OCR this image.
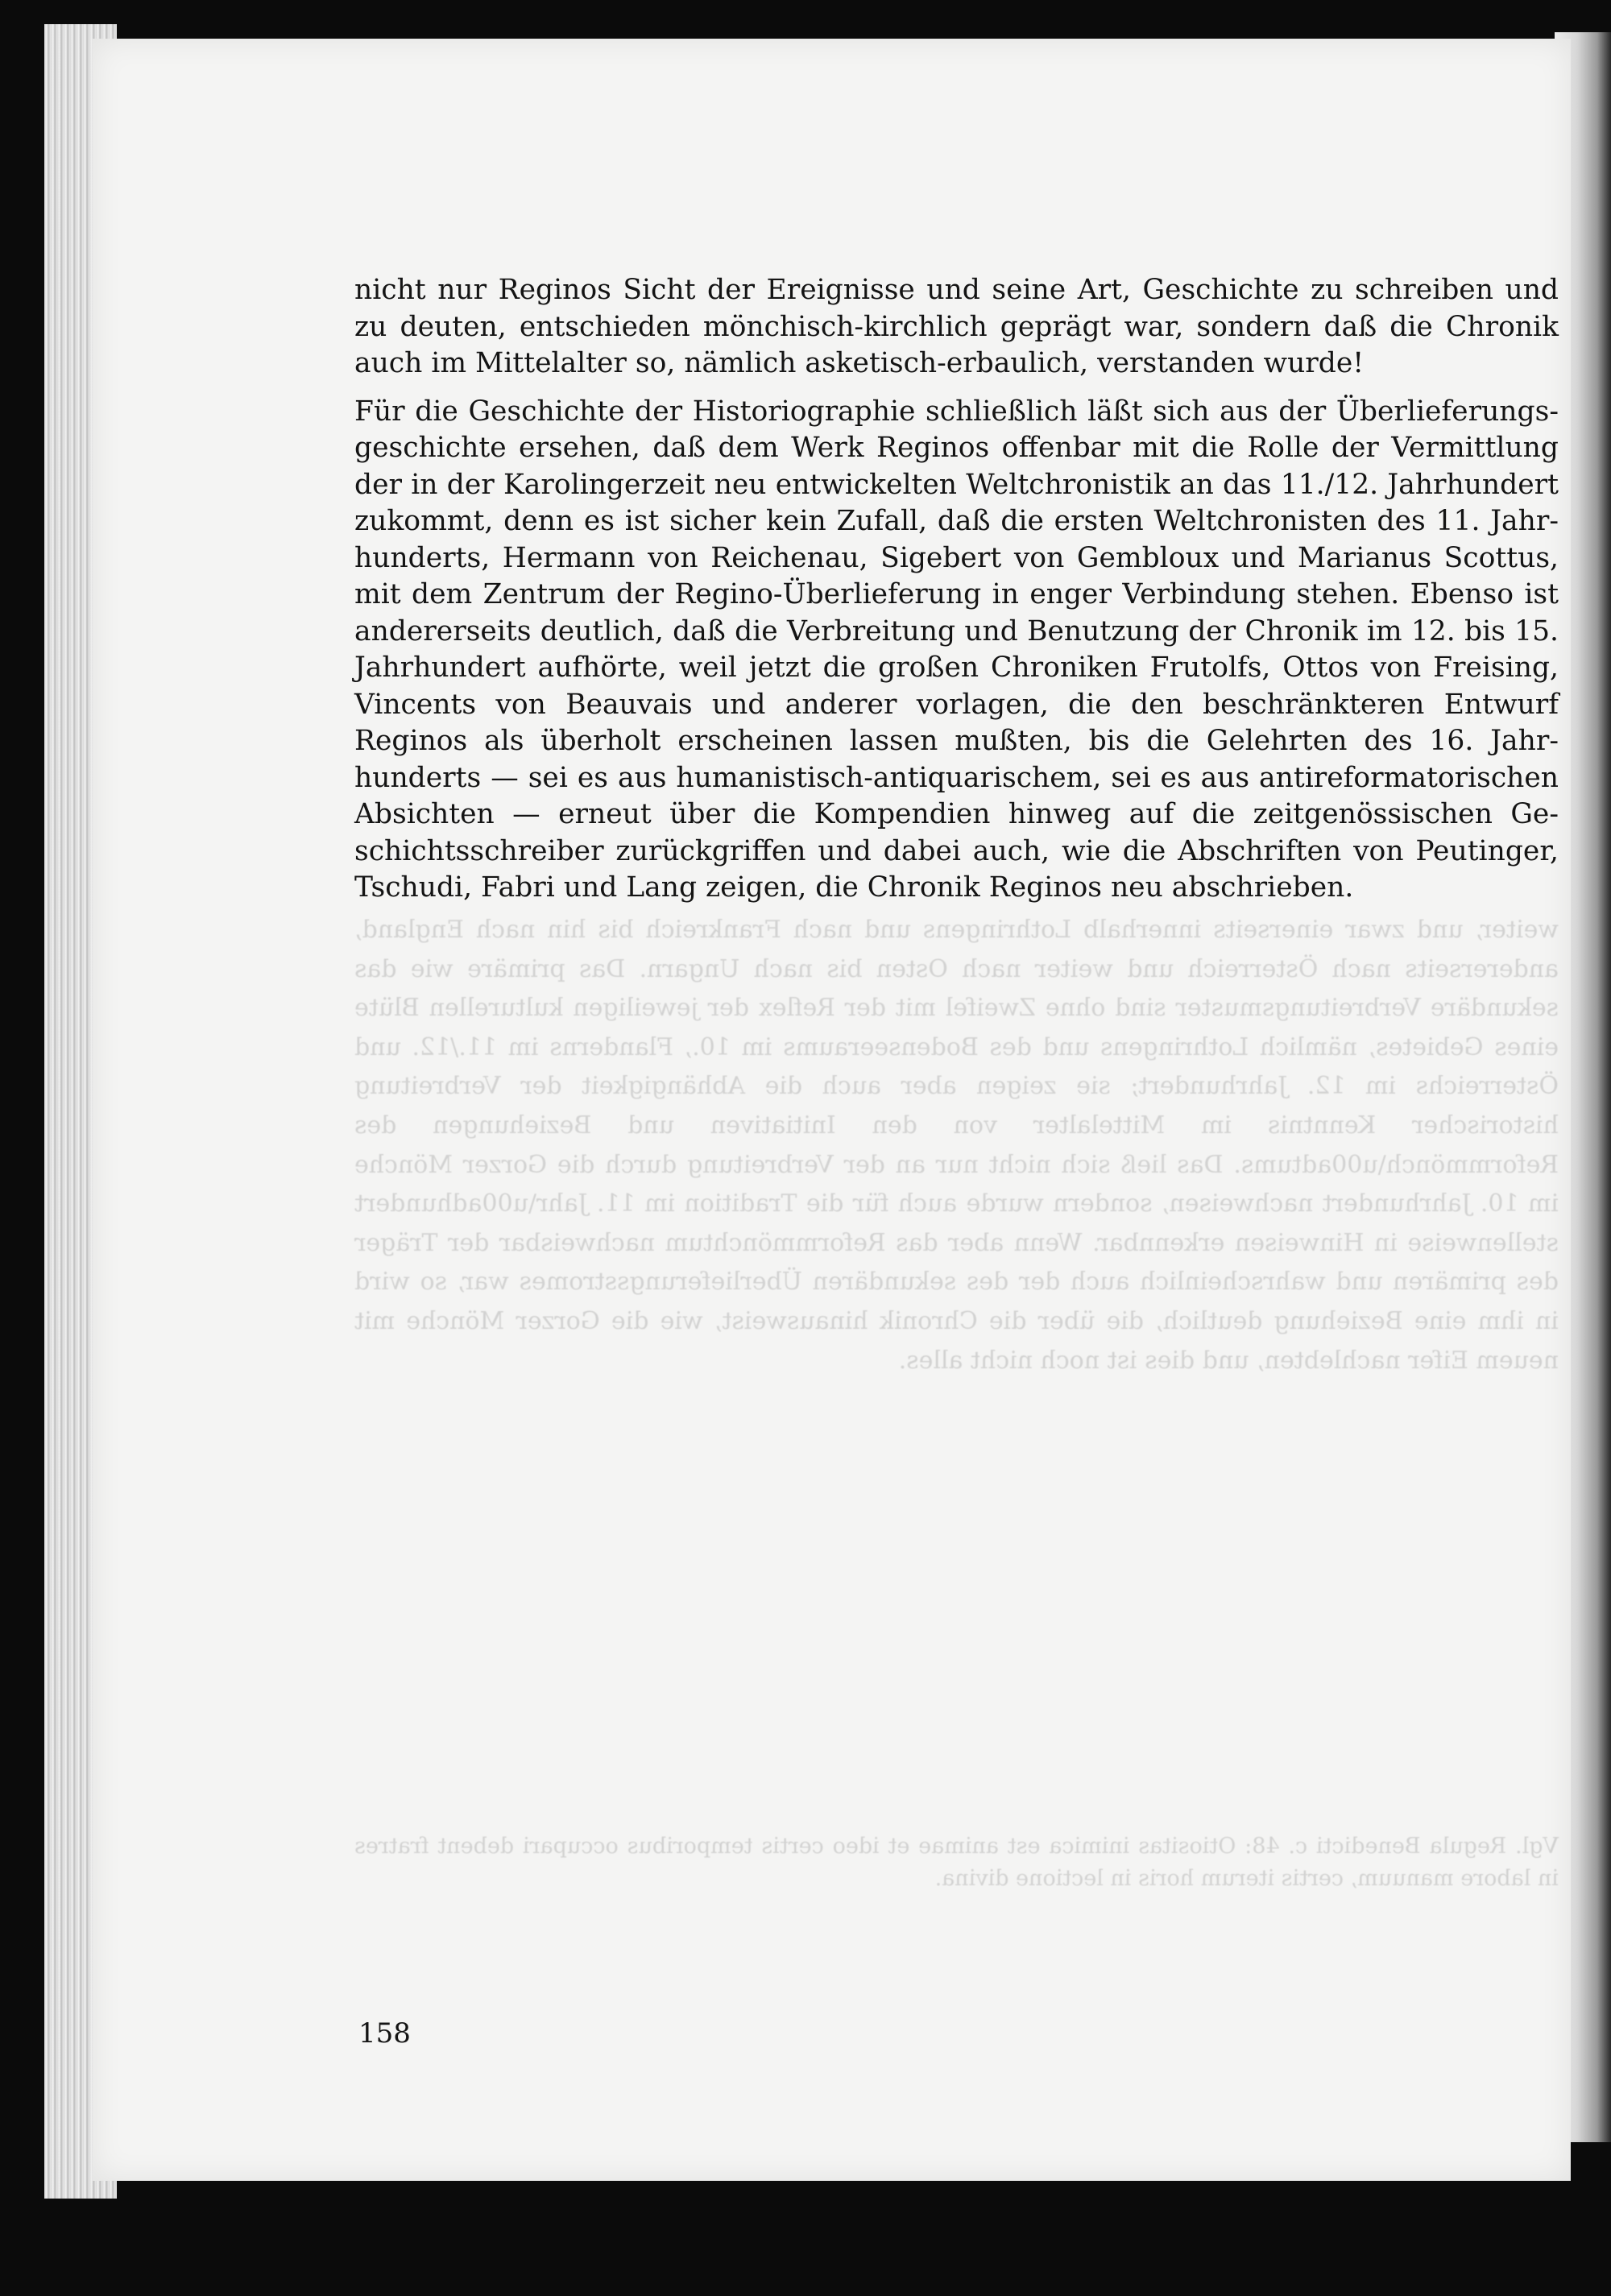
weiter, und zwar einerseits innerhalb Lothringens und nach Frankreich bis hin nach England, andererseits nach Österreich und weiter nach Osten bis nach Ungarn. Das primäre wie das sekundäre Verbreitungsmuster sind ohne Zweifel mit der Reflex der jeweiligen kulturellen Blüte eines Gebietes, nämlich Lothringens und des Bodenseeraums im 10., Flanderns im 11./12. und Österreichs im 12. Jahrhundert; sie zeigen aber auch die Abhängigkeit der Verbreitung historischer Kenntnis im Mittelalter von den Initiativen und Beziehungen des Reformmönch\u00adtums. Das ließ sich nicht nur an der Verbreitung durch die Gorzer Mönche im 10. Jahrhundert nachweisen, sondern wurde auch für die Tradition im 11. Jahr\u00adhundert stellenweise in Hinweisen erkennbar. Wenn aber das Reformmönchtum nachweisbar der Träger des primären und wahrscheinlich auch der des sekundären Überlieferungsstromes war, so wird in ihm eine Beziehung deutlich, die über die Chronik hinausweist, wie die Gorzer Mönche mit neuem Eifer nachlebten, und dies ist noch nicht alles.

nicht nur Reginos Sicht der Ereignisse und seine Art, Geschichte zu schreiben und zu deuten, entschieden mönchisch-kirchlich geprägt war, sondern daß die Chronik auch im Mittelalter so, nämlich asketisch-erbaulich, verstanden wurde!

Für die Geschichte der Historiographie schließlich läßt sich aus der Überlieferungsgeschichte ersehen, daß dem Werk Reginos offenbar mit die Rolle der Vermittlung der in der Karolingerzeit neu entwickelten Weltchronistik an das 11./12. Jahrhundert zukommt, denn es ist sicher kein Zufall, daß die ersten Weltchronisten des 11. Jahrhunderts, Hermann von Reichenau, Sigebert von Gembloux und Marianus Scottus, mit dem Zentrum der Regino-Überlieferung in enger Verbindung stehen. Ebenso ist andererseits deutlich, daß die Verbreitung und Benutzung der Chronik im 12. bis 15. Jahrhundert aufhörte, weil jetzt die großen Chroniken Frutolfs, Ottos von Freising, Vincents von Beauvais und anderer vorlagen, die den beschränkteren Entwurf Reginos als überholt erscheinen lassen mußten, bis die Gelehrten des 16. Jahrhunderts — sei es aus humanistisch-antiquarischem, sei es aus antireformatorischen Absichten — erneut über die Kompendien hinweg auf die zeitgenössischen Geschichtsschreiber zurückgriffen und dabei auch, wie die Abschriften von Peutinger, Tschudi, Fabri und Lang zeigen, die Chronik Reginos neu abschrieben.

Vgl. Regula Benedicti c. 48: Otiositas inimica est animae et ideo certis temporibus occupari debent fratres in labore manuum, certis iterum horis in lectione divina.

158
